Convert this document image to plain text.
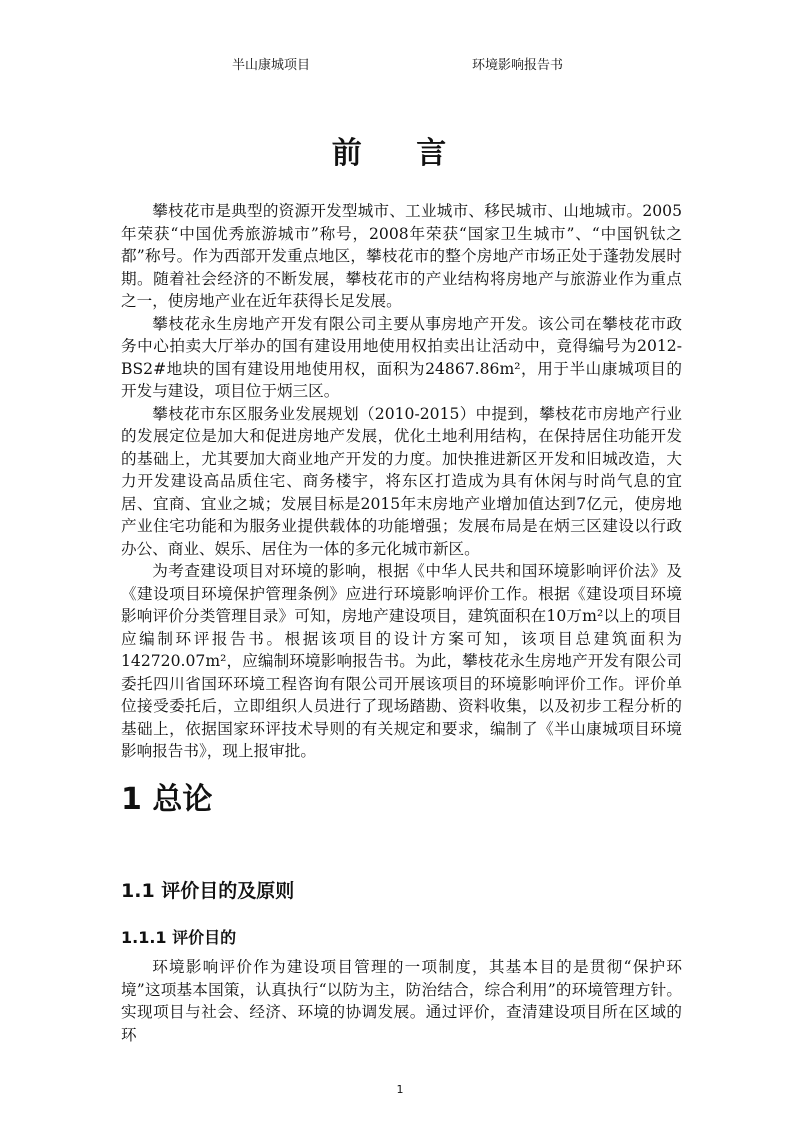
半山康城项目	环境影响报告书
前 言

攀枝花市是典型的资源开发型城市、工业城市、移民城市、山地城市。2005年荣获“中国优秀旅游城市”称号，2008年荣获“国家卫生城市”、“中国钒钛之都”称号。作为西部开发重点地区，攀枝花市的整个房地产市场正处于蓬勃发展时期。随着社会经济的不断发展，攀枝花市的产业结构将房地产与旅游业作为重点之一，使房地产业在近年获得长足发展。

攀枝花永生房地产开发有限公司主要从事房地产开发。该公司在攀枝花市政务中心拍卖大厅举办的国有建设用地使用权拍卖出让活动中，竟得编号为2012-BS2#地块的国有建设用地使用权，面积为24867.86m²，用于半山康城项目的开发与建设，项目位于炳三区。

攀枝花市东区服务业发展规划（2010-2015）中提到，攀枝花市房地产行业的发展定位是加大和促进房地产发展，优化土地利用结构，在保持居住功能开发的基础上，尤其要加大商业地产开发的力度。加快推进新区开发和旧城改造，大力开发建设高品质住宅、商务楼宇，将东区打造成为具有休闲与时尚气息的宜居、宜商、宜业之城；发展目标是2015年末房地产业增加值达到7亿元，使房地产业住宅功能和为服务业提供载体的功能增强；发展布局是在炳三区建设以行政办公、商业、娱乐、居住为一体的多元化城市新区。

为考查建设项目对环境的影响，根据《中华人民共和国环境影响评价法》及《建设项目环境保护管理条例》应进行环境影响评价工作。根据《建设项目环境影响评价分类管理目录》可知，房地产建设项目，建筑面积在10万m²以上的项目应编制环评报告书。根据该项目的设计方案可知，该项目总建筑面积为142720.07m²，应编制环境影响报告书。为此，攀枝花永生房地产开发有限公司委托四川省国环环境工程咨询有限公司开展该项目的环境影响评价工作。评价单位接受委托后，立即组织人员进行了现场踏勘、资料收集，以及初步工程分析的基础上，依据国家环评技术导则的有关规定和要求，编制了《半山康城项目环境影响报告书》，现上报审批。

1 总论
1.1 评价目的及原则
1.1.1 评价目的

环境影响评价作为建设项目管理的一项制度，其基本目的是贯彻“保护环境”这项基本国策，认真执行“以防为主，防治结合，综合利用”的环境管理方针。实现项目与社会、经济、环境的协调发展。通过评价，查清建设项目所在区域的环

1
